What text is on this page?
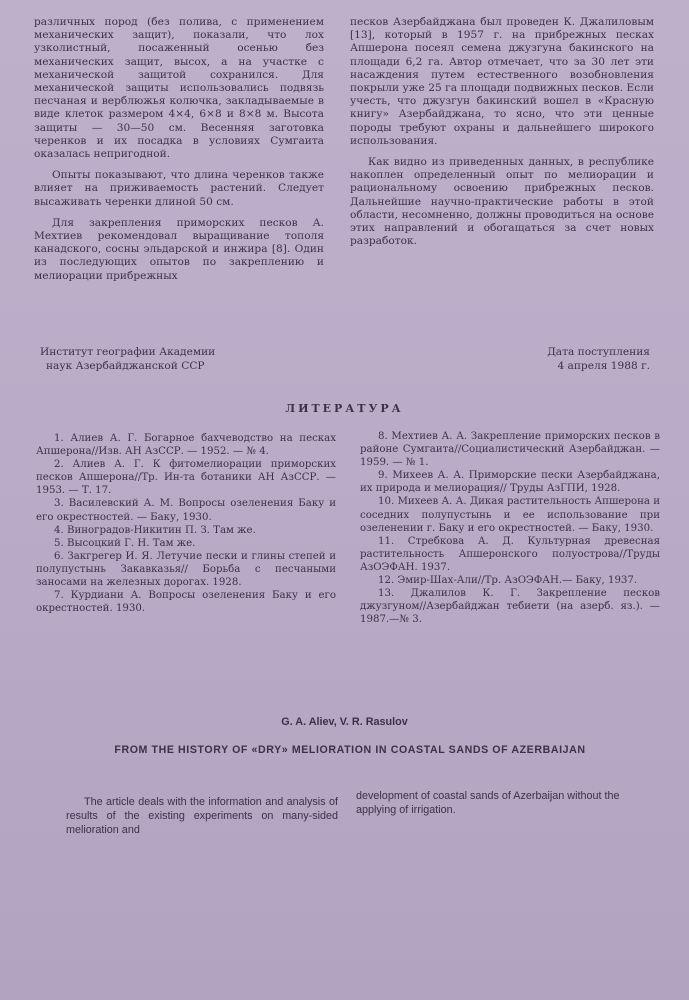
различных пород (без полива, с применением механических защит), показали, что лох узколистный, посаженный осенью без механических защит, высох, а на участке с механической защитой сохранился. Для механической защиты использовались подвязь песчаная и верблюжья колючка, закладываемые в виде клеток размером 4×4, 6×8 и 8×8 м. Высота защиты — 30—50 см. Весенняя заготовка черенков и их посадка в условиях Сумгаита оказалась непригодной.

Опыты показывают, что длина черенков также влияет на приживаемость растений. Следует высаживать черенки длиной 50 см.

Для закрепления приморских песков А. Мехтиев рекомендовал выращивание тополя канадского, сосны эльдарской и инжира [8]. Один из последующих опытов по закреплению и мелиорации прибрежных

песков Азербайджана был проведен К. Джалиловым [13], который в 1957 г. на прибрежных песках Апшерона посеял семена джузгуна бакинского на площади 6,2 га. Автор отмечает, что за 30 лет эти насаждения путем естественного возобновления покрыли уже 25 га площади подвижных песков. Если учесть, что джузгун бакинский вошел в «Красную книгу» Азербайджана, то ясно, что эти ценные породы требуют охраны и дальнейшего широкого использования.

Как видно из приведенных данных, в республике накоплен определенный опыт по мелиорации и рациональному освоению прибрежных песков. Дальнейшие научно-практические работы в этой области, несомненно, должны проводиться на основе этих направлений и обогащаться за счет новых разработок.

Институт географии Академии
наук Азербайджанской ССР
Дата поступления
4 апреля 1988 г.
ЛИТЕРАТУРА

1. Алиев А. Г. Богарное бахчеводство на песках Апшерона//Изв. АН АзССР. — 1952. — № 4.

2. Алиев А. Г. К фитомелиорации приморских песков Апшерона//Тр. Ин-та ботаники АН АзССР. — 1953. — Т. 17.

3. Василевский А. М. Вопросы озеленения Баку и его окрестностей. — Баку, 1930.

4. Виноградов-Никитин П. З. Там же.

5. Высоцкий Г. Н. Там же.

6. Закгрегер И. Я. Летучие пески и глины степей и полупустынь Закавказья// Борьба с песчаными заносами на железных дорогах. 1928.

7. Курдиани А. Вопросы озеленения Баку и его окрестностей. 1930.

8. Мехтиев А. А. Закрепление приморских песков в районе Сумгаита//Социалистический Азербайджан. — 1959. — № 1.

9. Михеев А. А. Приморские пески Азербайджана, их природа и мелиорация// Труды АзГПИ, 1928.

10. Михеев А. А. Дикая растительность Апшерона и соседних полупустынь и ее использование при озеленении г. Баку и его окрестностей. — Баку, 1930.

11. Стребкова А. Д. Культурная древесная растительность Апшеронского полуострова//Труды АзОЭФАН. 1937.

12. Эмир-Шах-Али//Тр. АзОЭФАН.— Баку, 1937.

13. Джалилов К. Г. Закрепление песков джузгуном//Азербайджан тебиети (на азерб. яз.). — 1987.—№ 3.

G. A. Aliev, V. R. Rasulov
FROM THE HISTORY OF «DRY» MELIORATION IN COASTAL SANDS OF AZERBAIJAN
The article deals with the information and analysis of results of the existing experiments on many-sided melioration and
development of coastal sands of Azerbaijan without the applying of irrigation.
